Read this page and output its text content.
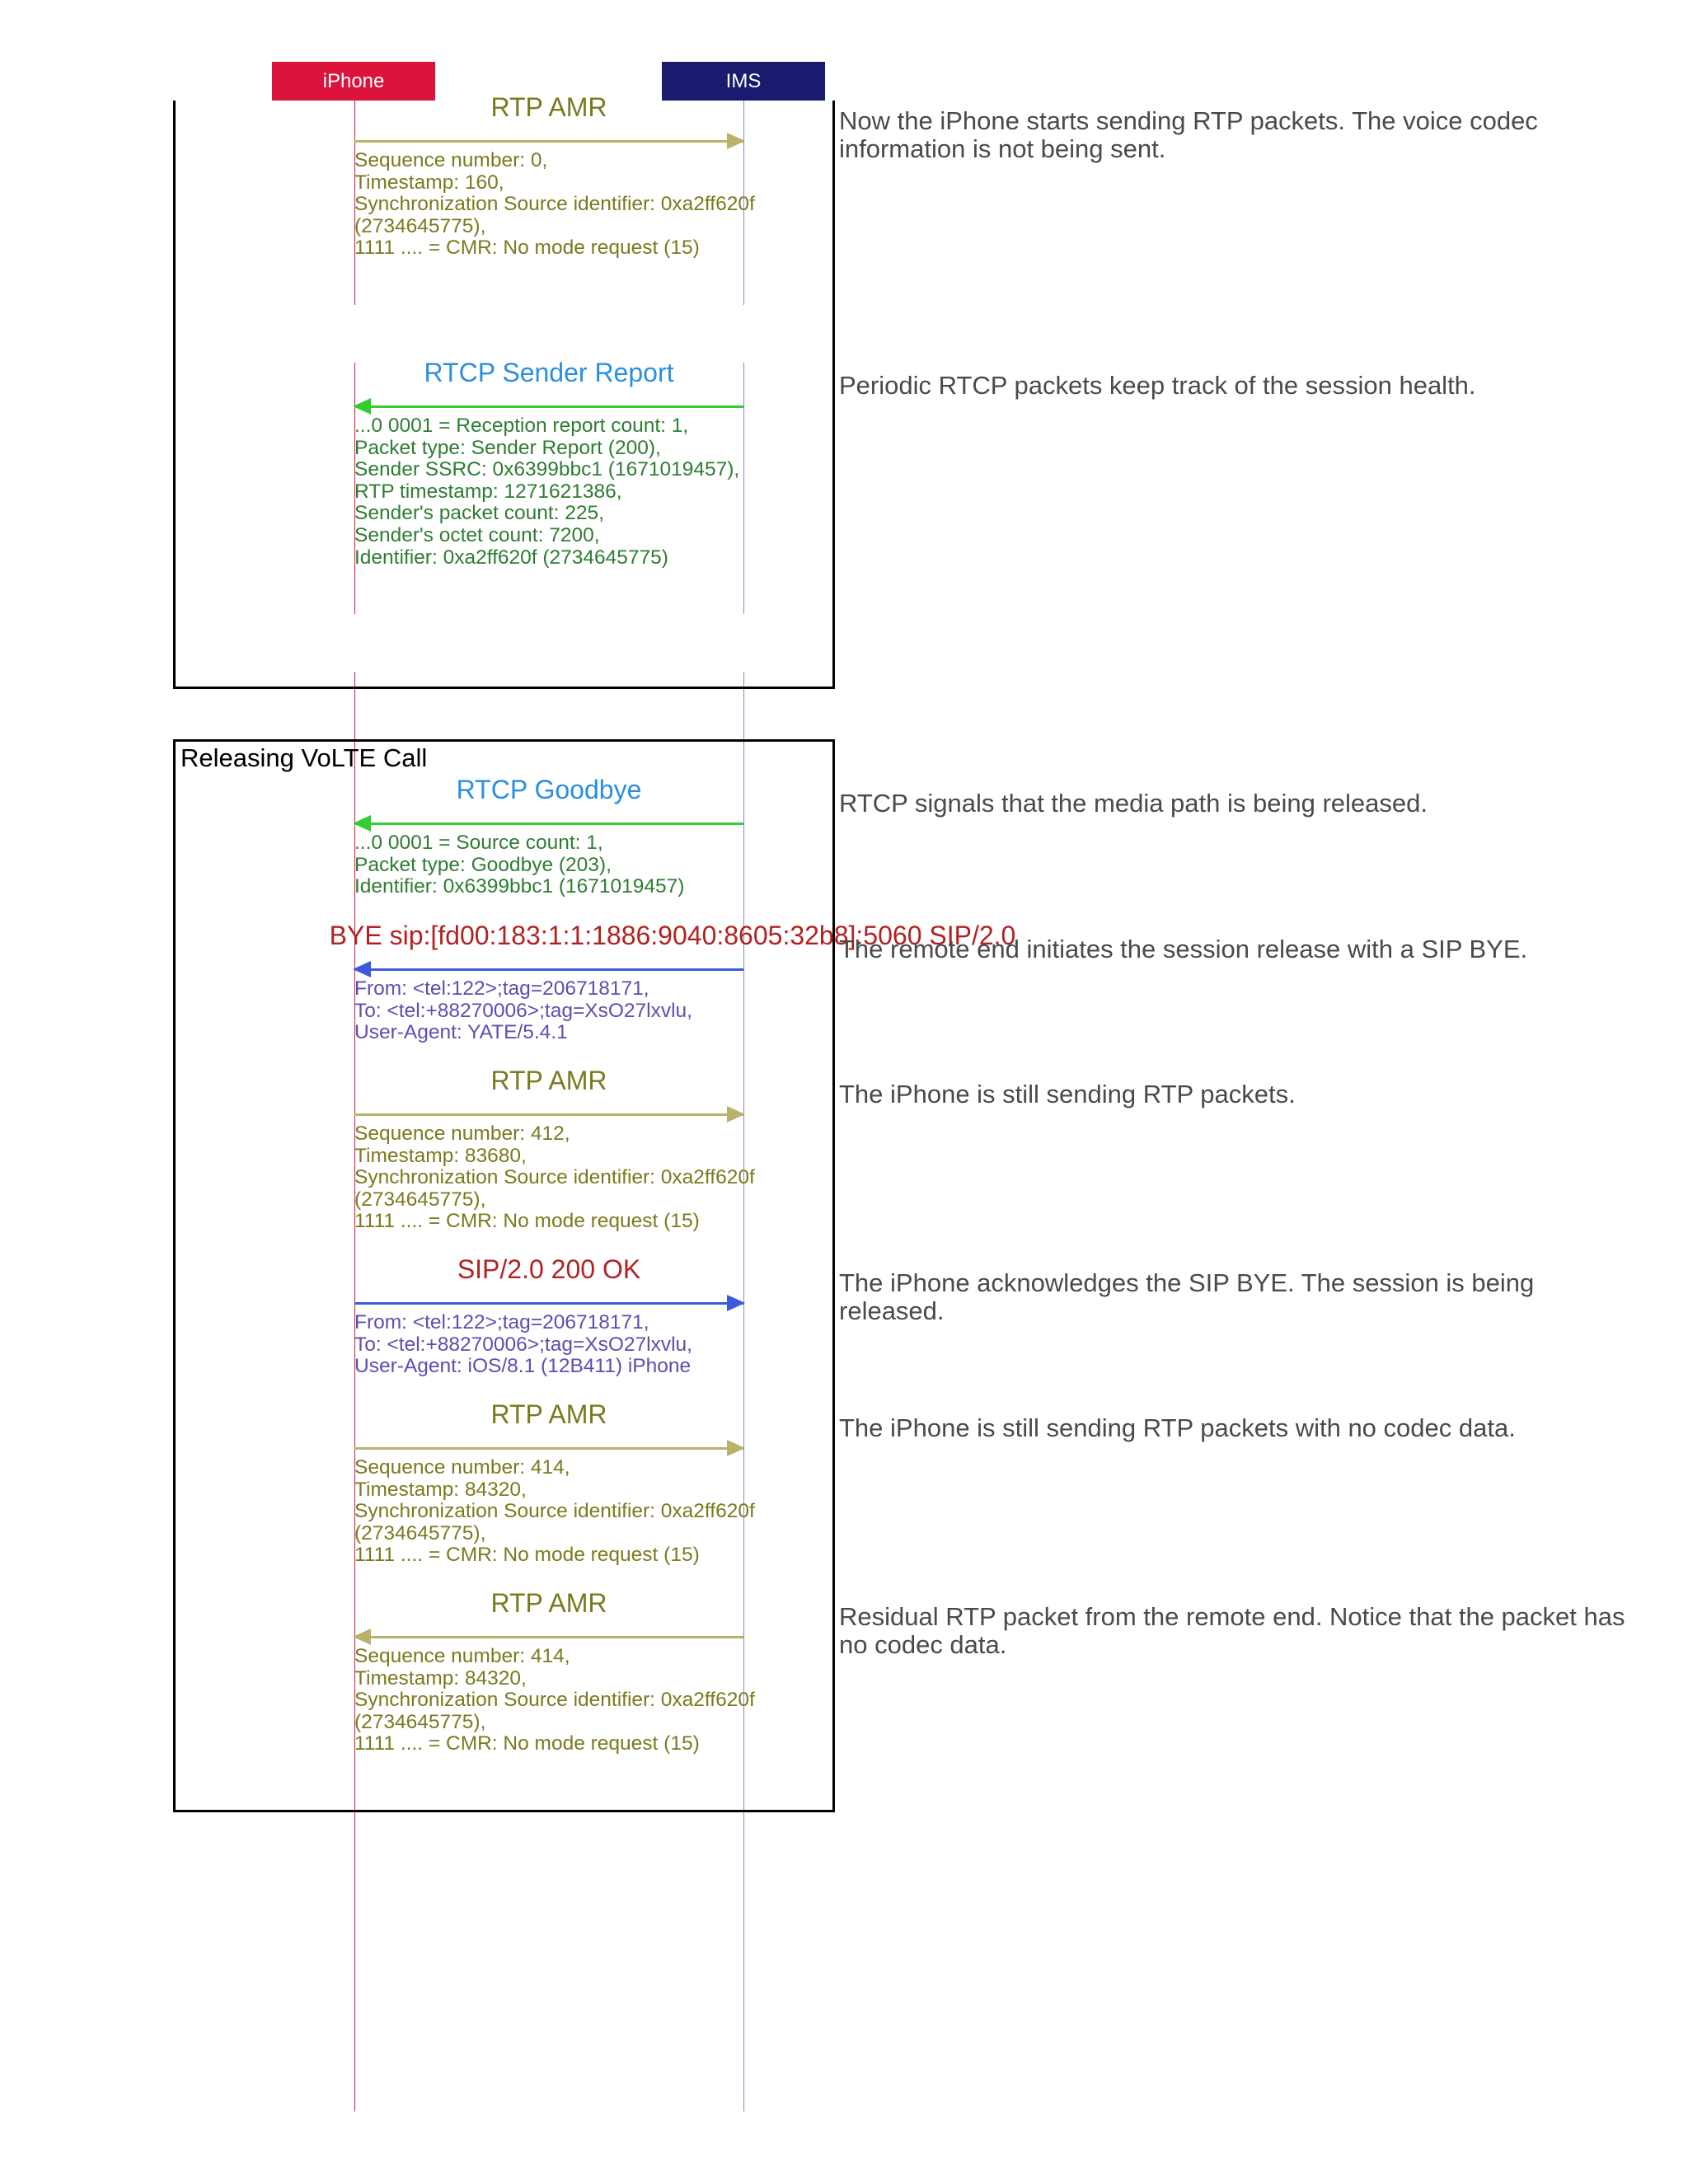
iPhone	IMS
Releasing VoLTE Call
RTP AMR
Sequence number: 0,
Timestamp: 160,
Synchronization Source identifier: 0xa2ff620f
(2734645775),
1111 .... = CMR: No mode request (15)
Now the iPhone starts sending RTP packets. The voice codec information is not being sent.
RTCP Sender Report
...0 0001 = Reception report count: 1,
Packet type: Sender Report (200),
Sender SSRC: 0x6399bbc1 (1671019457),
RTP timestamp: 1271621386,
Sender's packet count: 225,
Sender's octet count: 7200,
Identifier: 0xa2ff620f (2734645775)
Periodic RTCP packets keep track of the session health.
RTCP Goodbye
...0 0001 = Source count: 1,
Packet type: Goodbye (203),
Identifier: 0x6399bbc1 (1671019457)
RTCP signals that the media path is being released.
BYE sip:[fd00:183:1:1:1886:9040:8605:32b8]:5060 SIP/2.0
From: <tel:122>;tag=206718171,
To: <tel:+88270006>;tag=XsO27lxvlu,
User-Agent: YATE/5.4.1
The remote end initiates the session release with a SIP BYE.
RTP AMR
Sequence number: 412,
Timestamp: 83680,
Synchronization Source identifier: 0xa2ff620f
(2734645775),
1111 .... = CMR: No mode request (15)
The iPhone is still sending RTP packets.
SIP/2.0 200 OK
From: <tel:122>;tag=206718171,
To: <tel:+88270006>;tag=XsO27lxvlu,
User-Agent: iOS/8.1 (12B411) iPhone
The iPhone acknowledges the SIP BYE. The session is being released.
RTP AMR
Sequence number: 414,
Timestamp: 84320,
Synchronization Source identifier: 0xa2ff620f
(2734645775),
1111 .... = CMR: No mode request (15)
The iPhone is still sending RTP packets with no codec data.
RTP AMR
Sequence number: 414,
Timestamp: 84320,
Synchronization Source identifier: 0xa2ff620f
(2734645775),
1111 .... = CMR: No mode request (15)
Residual RTP packet from the remote end. Notice that the packet has no codec data.
